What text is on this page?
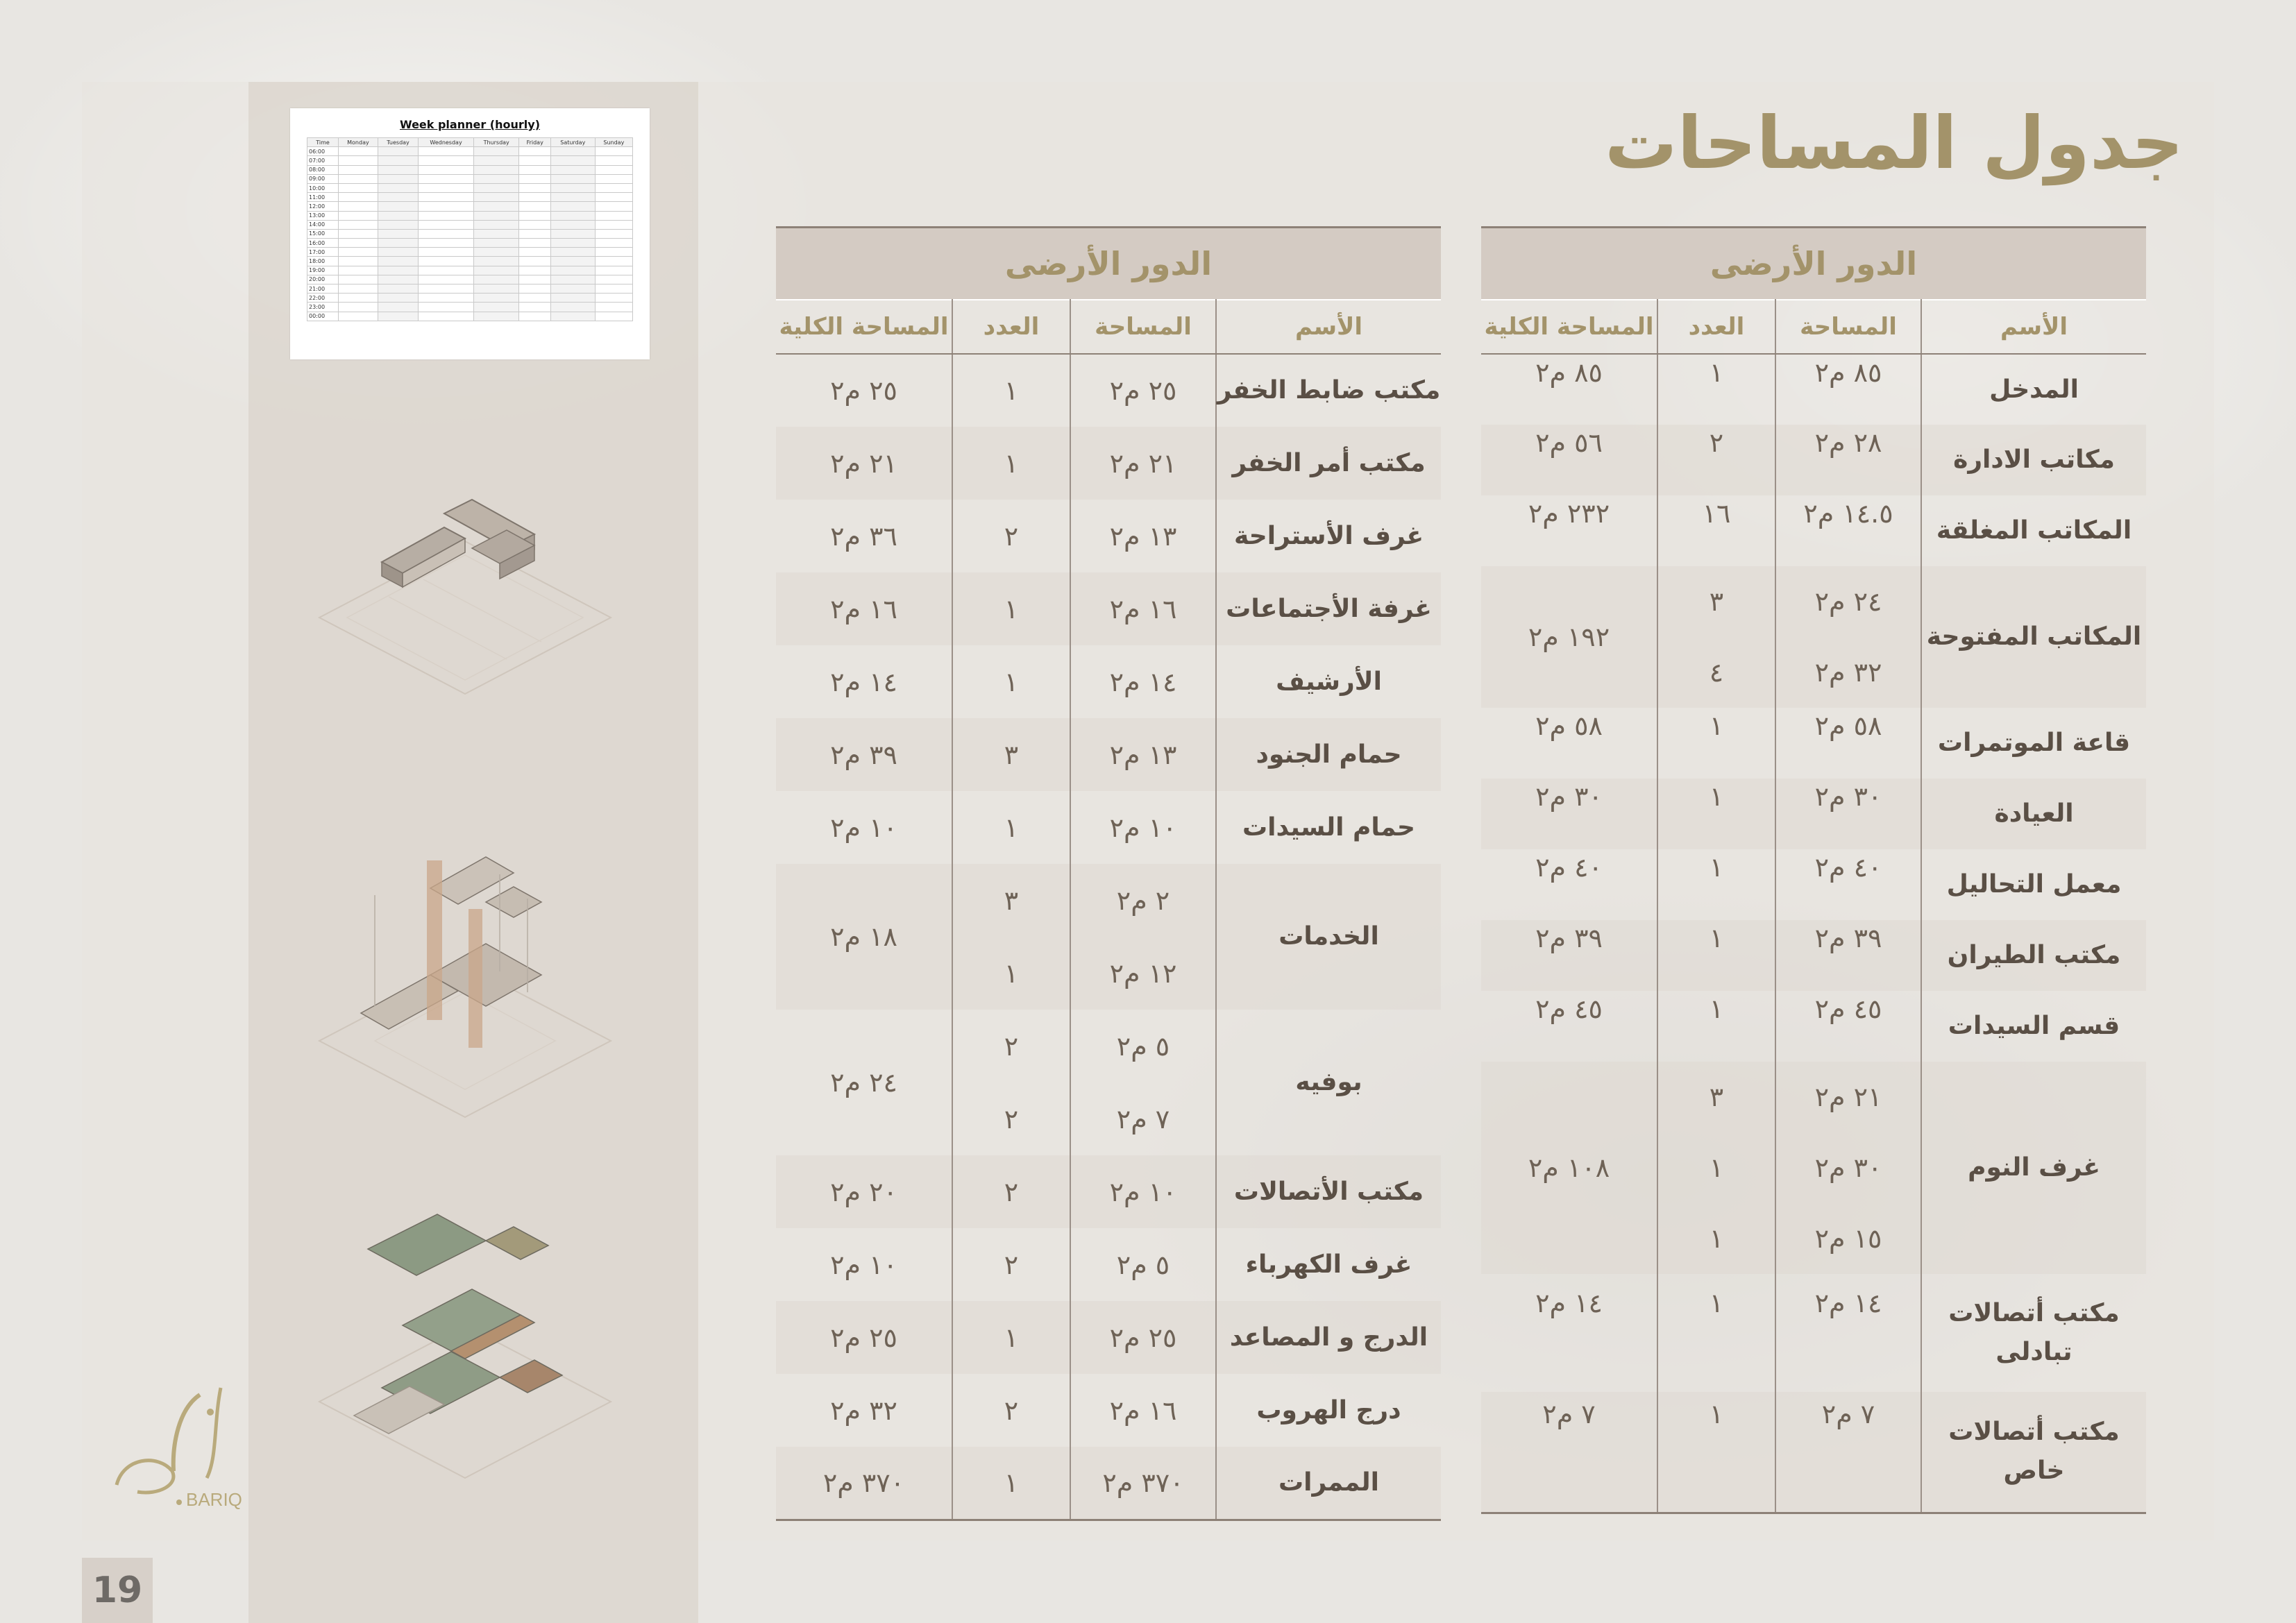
19
جدول المساحات
Week planner (hourly)
Time	Monday	Tuesday	Wednesday	Thursday	Friday	Saturday	Sunday
06:00							
07:00							
08:00							
09:00							
10:00							
11:00							
12:00							
13:00							
14:00							
15:00							
16:00							
17:00							
18:00							
19:00							
20:00							
21:00							
22:00							
23:00							
00:00							
BARIQ
الدور الأرضى			
الأسم	المساحة	العدد	المساحة الكلية
المدخل	٨٥ م٢	١	٨٥ م٢
مكاتب الادارة	٢٨ م٢	٢	٥٦ م٢
المكاتب المغلقة	١٤.٥ م٢	١٦	٢٣٢ م٢
المكاتب المفتوحة	٢٤ م٢	٣	١٩٢ م٢
	٣٢ م٢	٤	
قاعة الموتمرات	٥٨ م٢	١	٥٨ م٢
العيادة	٣٠ م٢	١	٣٠ م٢
معمل التحاليل	٤٠ م٢	١	٤٠ م٢
مكتب الطيران	٣٩ م٢	١	٣٩ م٢
قسم السيدات	٤٥ م٢	١	٤٥ م٢
غرف النوم	٢١ م٢	٣	١٠٨ م٢
	٣٠ م٢	١	
	١٥ م٢	١	
مكتب أتصالات تبادلى	١٤ م٢	١	١٤ م٢
مكتب أتصالات خاص	٧ م٢	١	٧ م٢
الدور الأرضى			
الأسم	المساحة	العدد	المساحة الكلية
مكتب ضابط الخفر	٢٥ م٢	١	٢٥ م٢
مكتب أمر الخفر	٢١ م٢	١	٢١ م٢
غرف الأستراحة	١٣ م٢	٢	٣٦ م٢
غرفة الأجتماعات	١٦ م٢	١	١٦ م٢
الأرشيف	١٤ م٢	١	١٤ م٢
حمام الجنود	١٣ م٢	٣	٣٩ م٢
حمام السيدات	١٠ م٢	١	١٠ م٢
الخدمات	٢ م٢	٣	١٨ م٢
	١٢ م٢	١	
بوفيه	٥ م٢	٢	٢٤ م٢
	٧ م٢	٢	
مكتب الأتصالات	١٠ م٢	٢	٢٠ م٢
غرف الكهرباء	٥ م٢	٢	١٠ م٢
الدرج و المصاعد	٢٥ م٢	١	٢٥ م٢
درج الهروب	١٦ م٢	٢	٣٢ م٢
الممرات	٣٧٠ م٢	١	٣٧٠ م٢
